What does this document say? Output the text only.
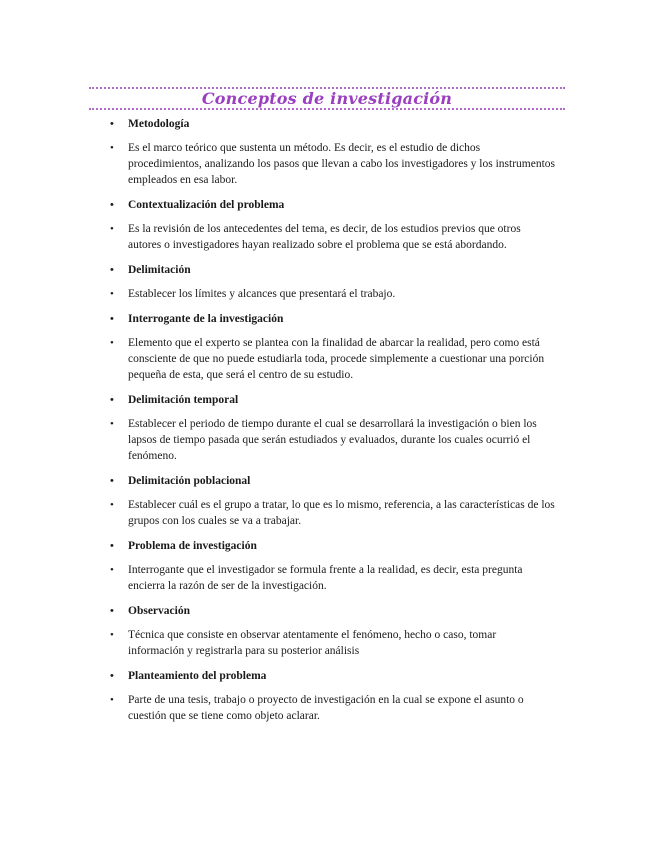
Conceptos de investigación
• Metodología
• Es el marco teórico que sustenta un método. Es decir, es el estudio de dichos procedimientos, analizando los pasos que llevan a cabo los investigadores y los instrumentos empleados en esa labor.
• Contextualización del problema
• Es la revisión de los antecedentes del tema, es decir, de los estudios previos que otros autores o investigadores hayan realizado sobre el problema que se está abordando.
• Delimitación
• Establecer los límites y alcances que presentará el trabajo.
• Interrogante de la investigación
• Elemento que el experto se plantea con la finalidad de abarcar la realidad, pero como está consciente de que no puede estudiarla toda, procede simplemente a cuestionar una porción pequeña de esta, que será el centro de su estudio.
• Delimitación temporal
• Establecer el periodo de tiempo durante el cual se desarrollará la investigación o bien los lapsos de tiempo pasada que serán estudiados y evaluados, durante los cuales ocurrió el fenómeno.
• Delimitación poblacional
• Establecer cuál es el grupo a tratar, lo que es lo mismo, referencia, a las características de los grupos con los cuales se va a trabajar.
• Problema de investigación
• Interrogante que el investigador se formula frente a la realidad, es decir, esta pregunta encierra la razón de ser de la investigación.
• Observación
• Técnica que consiste en observar atentamente el fenómeno, hecho o caso, tomar información y registrarla para su posterior análisis
• Planteamiento del problema
• Parte de una tesis, trabajo o proyecto de investigación en la cual se expone el asunto o cuestión que se tiene como objeto aclarar.
